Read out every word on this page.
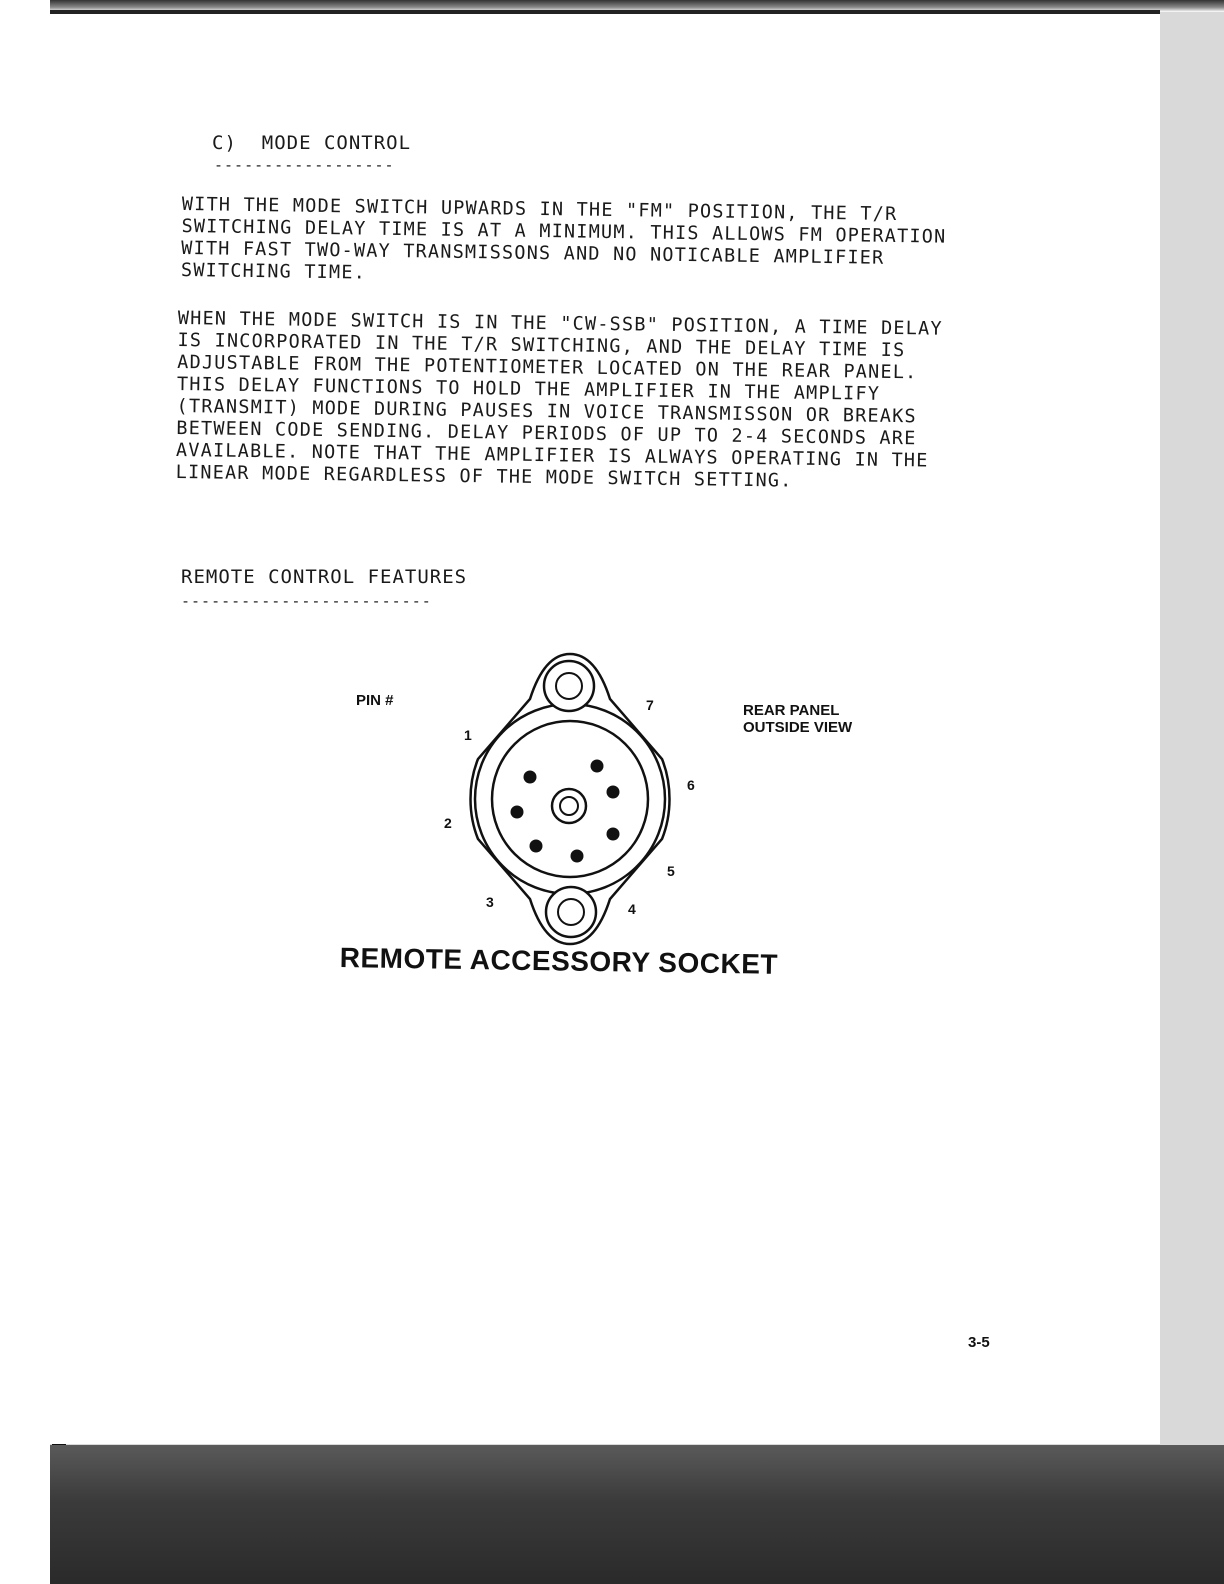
C)  MODE CONTROL
------------------
WITH THE MODE SWITCH UPWARDS IN THE "FM" POSITION, THE T/R
SWITCHING DELAY TIME IS AT A MINIMUM. THIS ALLOWS FM OPERATION
WITH FAST TWO-WAY TRANSMISSONS AND NO NOTICABLE AMPLIFIER
SWITCHING TIME.
WHEN THE MODE SWITCH IS IN THE "CW-SSB" POSITION, A TIME DELAY
IS INCORPORATED IN THE T/R SWITCHING, AND THE DELAY TIME IS
ADJUSTABLE FROM THE POTENTIOMETER LOCATED ON THE REAR PANEL.
THIS DELAY FUNCTIONS TO HOLD THE AMPLIFIER IN THE AMPLIFY
(TRANSMIT) MODE DURING PAUSES IN VOICE TRANSMISSON OR BREAKS
BETWEEN CODE SENDING. DELAY PERIODS OF UP TO 2-4 SECONDS ARE
AVAILABLE. NOTE THAT THE AMPLIFIER IS ALWAYS OPERATING IN THE
LINEAR MODE REGARDLESS OF THE MODE SWITCH SETTING.
REMOTE CONTROL FEATURES
-------------------------
PIN #
REAR PANEL
OUTSIDE VIEW
1
2
3	4
5
6
7
REMOTE ACCESSORY SOCKET
3-5
